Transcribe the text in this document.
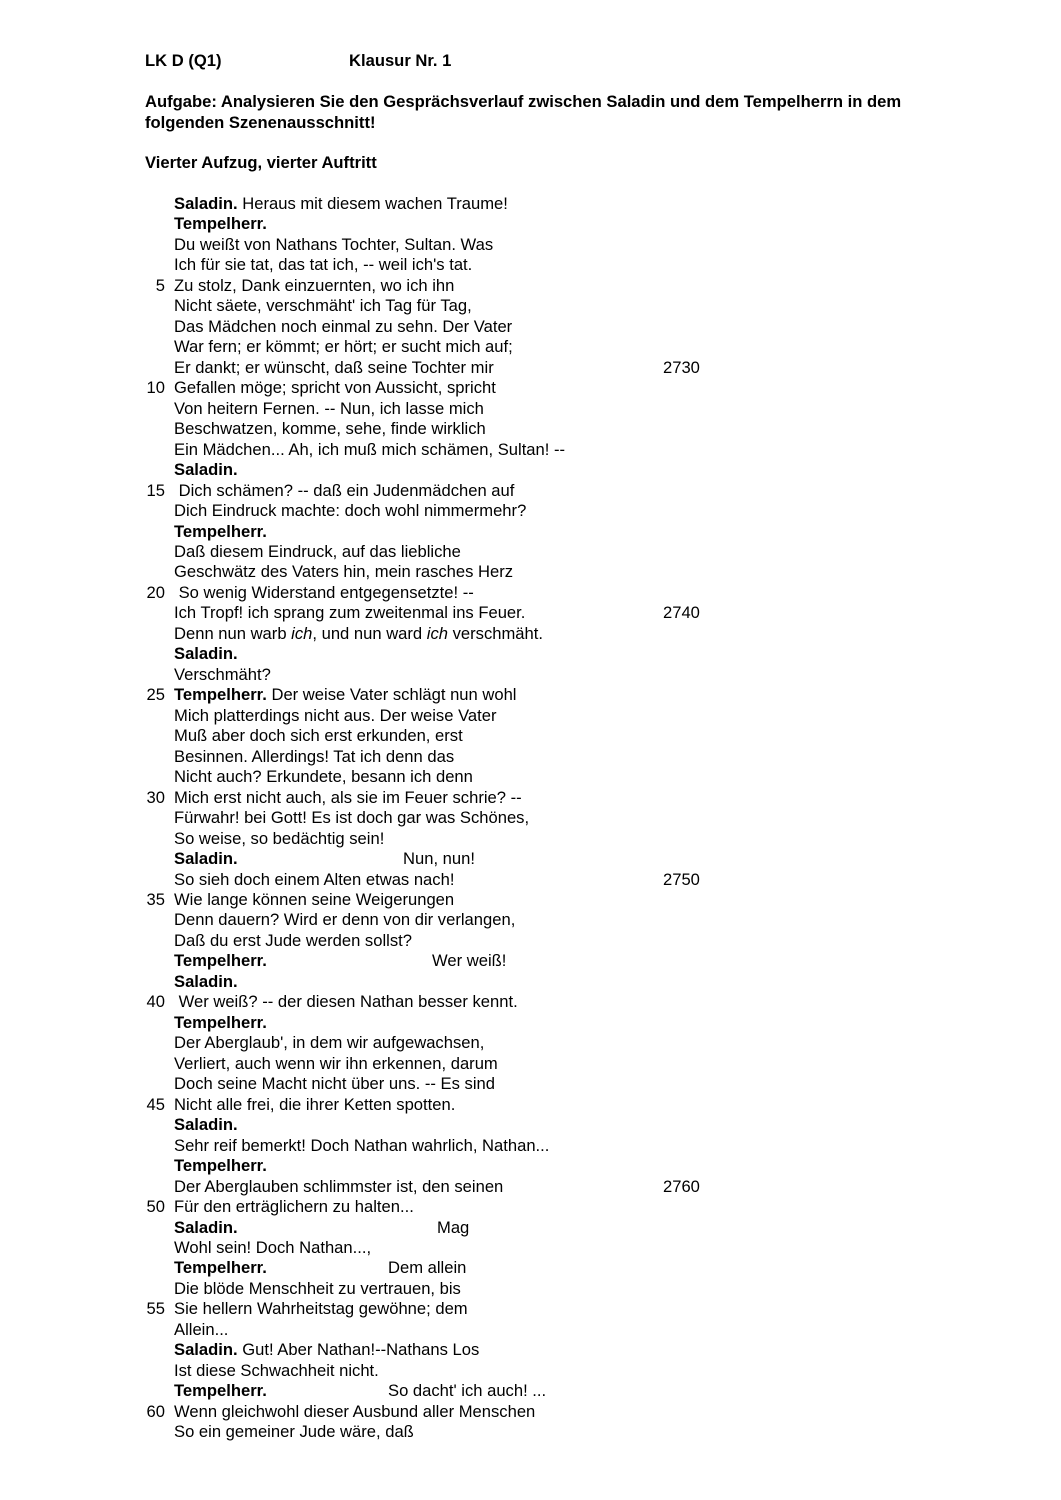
LK D (Q1)	Klausur Nr. 1
Aufgabe: Analysieren Sie den Gesprächsverlauf zwischen Saladin und dem Tempelherrn in dem folgenden Szenenausschnitt!
Vierter Aufzug, vierter Auftritt
Saladin. Heraus mit diesem wachen Traume!
Tempelherr.
Du weißt von Nathans Tochter, Sultan. Was
Ich für sie tat, das tat ich, -- weil ich's tat.
5 Zu stolz, Dank einzuernten, wo ich ihn
Nicht säete, verschmäht' ich Tag für Tag,
Das Mädchen noch einmal zu sehn. Der Vater
War fern; er kömmt; er hört; er sucht mich auf;
Er dankt; er wünscht, daß seine Tochter mir	2730
10 Gefallen möge; spricht von Aussicht, spricht
Von heitern Fernen. -- Nun, ich lasse mich
Beschwatzen, komme, sehe, finde wirklich
Ein Mädchen... Ah, ich muß mich schämen, Sultan! --
Saladin.
15 Dich schämen? -- daß ein Judenmädchen auf
Dich Eindruck machte: doch wohl nimmermehr?
Tempelherr.
Daß diesem Eindruck, auf das liebliche
Geschwätz des Vaters hin, mein rasches Herz
20 So wenig Widerstand entgegensetzte! --
Ich Tropf! ich sprang zum zweitenmal ins Feuer.	2740
Denn nun warb ich, und nun ward ich verschmäht.
Saladin.
Verschmäht?
25 Tempelherr. Der weise Vater schlägt nun wohl
Mich platterdings nicht aus. Der weise Vater
Muß aber doch sich erst erkunden, erst
Besinnen. Allerdings! Tat ich denn das
Nicht auch? Erkundete, besann ich denn
30 Mich erst nicht auch, als sie im Feuer schrie? --
Fürwahr! bei Gott! Es ist doch gar was Schönes,
So weise, so bedächtig sein!
Saladin.	Nun, nun!
So sieh doch einem Alten etwas nach!	2750
35 Wie lange können seine Weigerungen
Denn dauern? Wird er denn von dir verlangen,
Daß du erst Jude werden sollst?
Tempelherr.	Wer weiß!
Saladin.
40 Wer weiß? -- der diesen Nathan besser kennt.
Tempelherr.
Der Aberglaub', in dem wir aufgewachsen,
Verliert, auch wenn wir ihn erkennen, darum
Doch seine Macht nicht über uns. -- Es sind
45 Nicht alle frei, die ihrer Ketten spotten.
Saladin.
Sehr reif bemerkt! Doch Nathan wahrlich, Nathan...
Tempelherr.
Der Aberglauben schlimmster ist, den seinen	2760
50 Für den erträglichern zu halten...
Saladin.	Mag
Wohl sein! Doch Nathan...,
Tempelherr.	Dem allein
Die blöde Menschheit zu vertrauen, bis
55 Sie hellern Wahrheitstag gewöhne; dem
Allein...
Saladin. Gut! Aber Nathan!--Nathans Los
Ist diese Schwachheit nicht.
Tempelherr.	So dacht' ich auch! ...
60 Wenn gleichwohl dieser Ausbund aller Menschen
So ein gemeiner Jude wäre, daß
